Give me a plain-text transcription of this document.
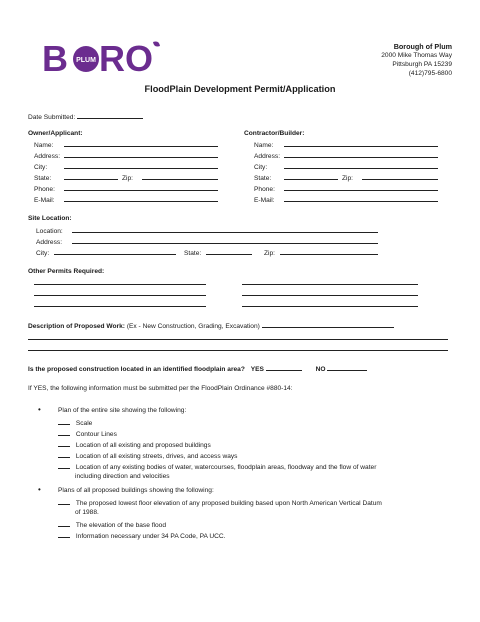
B PLUM RO	Borough of Plum
2000 Mike Thomas Way
Pittsburgh PA 15239
(412)795-6800
FloodPlain Development Permit/Application
Date Submitted:
Owner/Applicant:
Name:
Address:
City:
State:	Zip:
Phone:
E-Mail:
Contractor/Builder:
Name:
Address:
City:
State:	Zip:
Phone:
E-Mail:
Site Location:
Location:
Address:
City:	State:	Zip:
Other Permits Required:
Description of Proposed Work: (Ex - New Construction, Grading, Excavation)
Is the proposed construction located in an identified floodplain area? YES	NO
If YES, the following information must be submitted per the FloodPlain Ordinance #880-14:
•	Plan of the entire site showing the following:
Scale
Contour Lines
Location of all existing and proposed buildings
Location of all existing streets, drives, and access ways
Location of any existing bodies of water, watercourses, floodplain areas, floodway and the flow of water
including direction and velocities
•	Plans of all proposed buildings showing the following:
The proposed lowest floor elevation of any proposed building based upon North American Vertical Datum
of 1988.
The elevation of the base flood
Information necessary under 34 PA Code, PA UCC.
